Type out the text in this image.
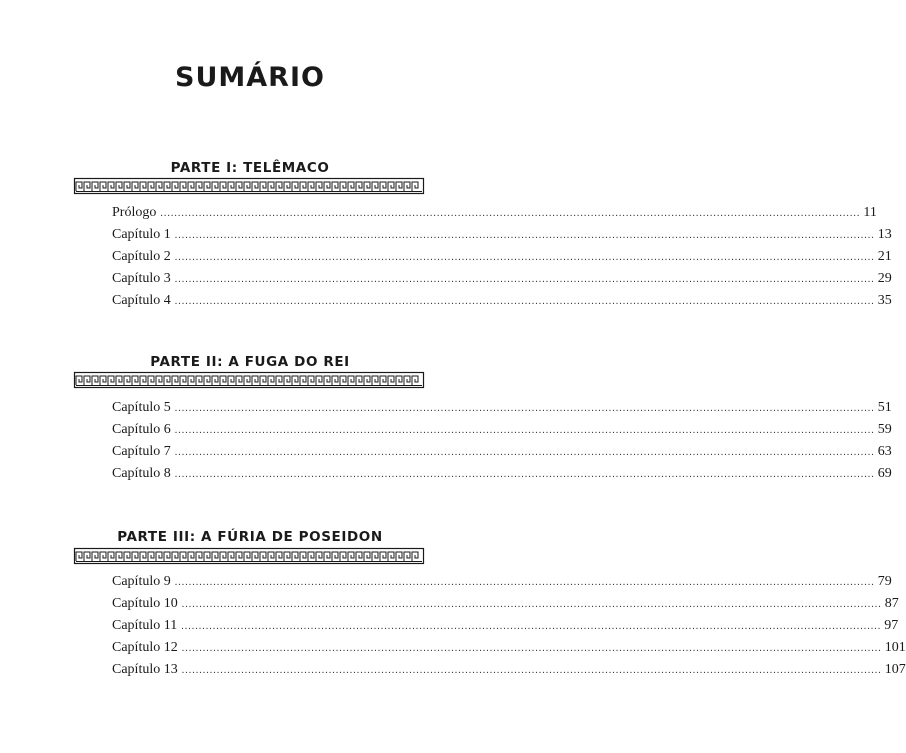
SUMÁRIO
PARTE I: TELÊMACO
Prólogo ........................................................................................................................................................................................................ 11
Capítulo 1 ........................................................................................................................................................................................................ 13
Capítulo 2 ........................................................................................................................................................................................................ 21
Capítulo 3 ........................................................................................................................................................................................................ 29
Capítulo 4 ........................................................................................................................................................................................................ 35
PARTE II: A FUGA DO REI
Capítulo 5 ........................................................................................................................................................................................................ 51
Capítulo 6 ........................................................................................................................................................................................................ 59
Capítulo 7 ........................................................................................................................................................................................................ 63
Capítulo 8 ........................................................................................................................................................................................................ 69
PARTE III: A FÚRIA DE POSEIDON
Capítulo 9 ........................................................................................................................................................................................................ 79
Capítulo 10 ........................................................................................................................................................................................................ 87
Capítulo 11 ........................................................................................................................................................................................................ 97
Capítulo 12 ........................................................................................................................................................................................................ 101
Capítulo 13 ........................................................................................................................................................................................................ 107
